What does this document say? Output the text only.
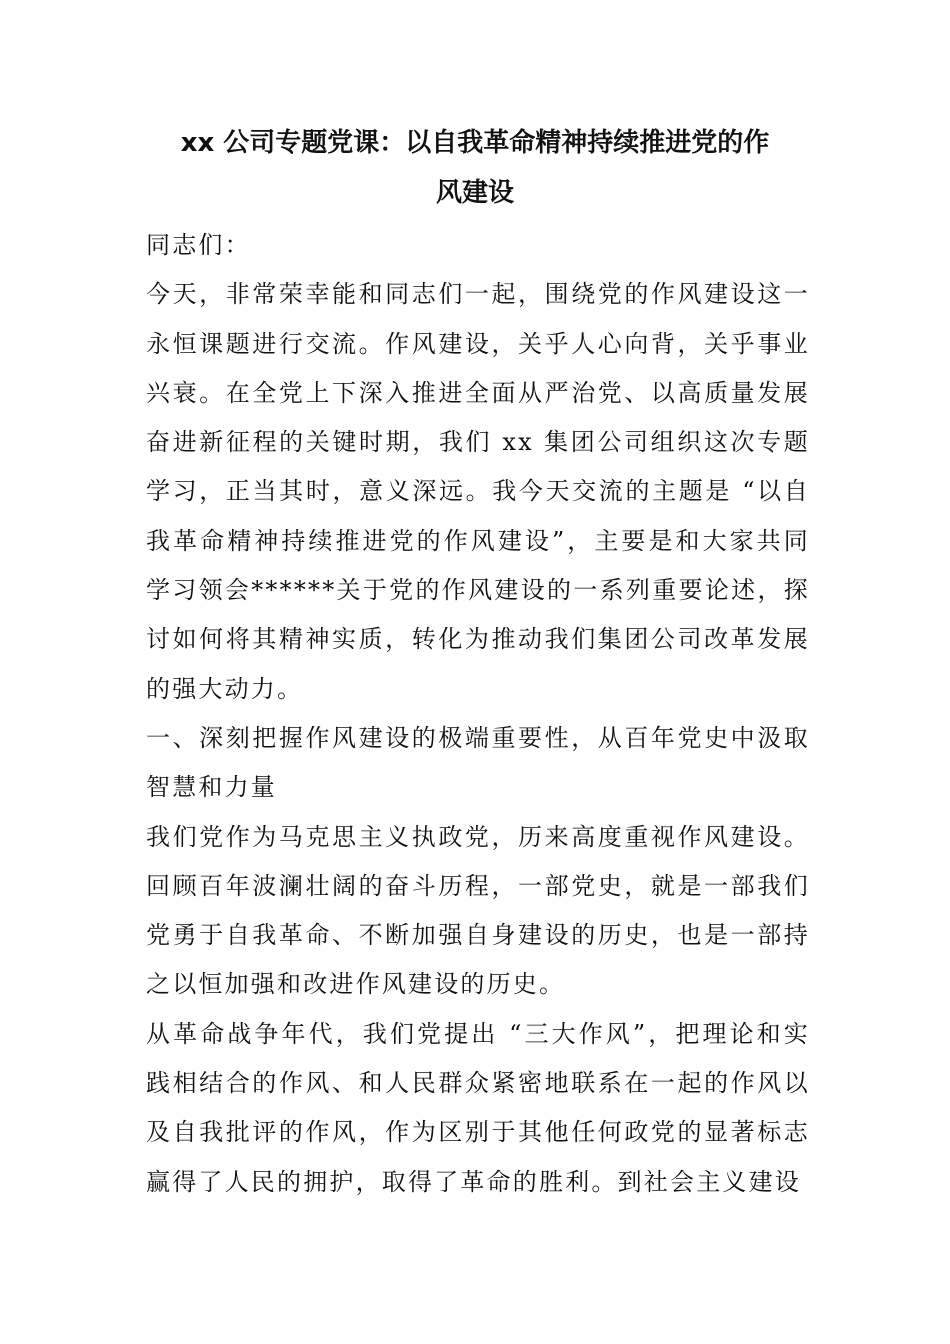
xx 公司专题党课：以自我革命精神持续推进党的作
风建设

同志们：

今天，非常荣幸能和同志们一起，围绕党的作风建设这一永恒课题进行交流。作风建设，关乎人心向背，关乎事业兴衰。在全党上下深入推进全面从严治党、以高质量发展奋进新征程的关键时期，我们 xx 集团公司组织这次专题学习，正当其时，意义深远。我今天交流的主题是 “以自我革命精神持续推进党的作风建设”，主要是和大家共同学习领会******关于党的作风建设的一系列重要论述，探讨如何将其精神实质，转化为推动我们集团公司改革发展的强大动力。

一、深刻把握作风建设的极端重要性，从百年党史中汲取智慧和力量

我们党作为马克思主义执政党，历来高度重视作风建设。回顾百年波澜壮阔的奋斗历程，一部党史，就是一部我们党勇于自我革命、不断加强自身建设的历史，也是一部持之以恒加强和改进作风建设的历史。

从革命战争年代，我们党提出 “三大作风”，把理论和实践相结合的作风、和人民群众紧密地联系在一起的作风以及自我批评的作风，作为区别于其他任何政党的显著标志赢得了人民的拥护，取得了革命的胜利。到社会主义建设
